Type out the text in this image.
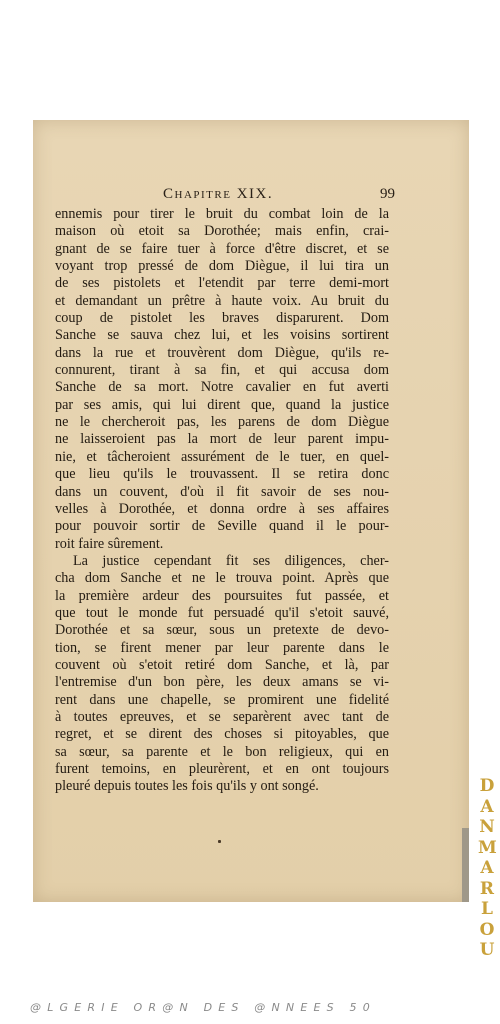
Chapitre XIX.	99
ennemis pour tirer le bruit du combat loin de la
maison où etoit sa Dorothée; mais enfin, crai-
gnant de se faire tuer à force d'être discret, et se
voyant trop pressé de dom Diègue, il lui tira un
de ses pistolets et l'etendit par terre demi-mort
et demandant un prêtre à haute voix. Au bruit du
coup de pistolet les braves disparurent. Dom
Sanche se sauva chez lui, et les voisins sortirent
dans la rue et trouvèrent dom Diègue, qu'ils re-
connurent, tirant à sa fin, et qui accusa dom
Sanche de sa mort. Notre cavalier en fut averti
par ses amis, qui lui dirent que, quand la justice
ne le chercheroit pas, les parens de dom Diègue
ne laisseroient pas la mort de leur parent impu-
nie, et tâcheroient assurément de le tuer, en quel-
que lieu qu'ils le trouvassent. Il se retira donc
dans un couvent, d'où il fit savoir de ses nou-
velles à Dorothée, et donna ordre à ses affaires
pour pouvoir sortir de Seville quand il le pour-
roit faire sûrement.
La justice cependant fit ses diligences, cher-
cha dom Sanche et ne le trouva point. Après que
la première ardeur des poursuites fut passée, et
que tout le monde fut persuadé qu'il s'etoit sauvé,
Dorothée et sa sœur, sous un pretexte de devo-
tion, se firent mener par leur parente dans le
couvent où s'etoit retiré dom Sanche, et là, par
l'entremise d'un bon père, les deux amans se vi-
rent dans une chapelle, se promirent une fidelité
à toutes epreuves, et se separèrent avec tant de
regret, et se dirent des choses si pitoyables, que
sa sœur, sa parente et le bon religieux, qui en
furent temoins, en pleurèrent, et en ont toujours
pleuré depuis toutes les fois qu'ils y ont songé.	DANMARLOU
@LGERIE OR@N DES @NNEES 50
